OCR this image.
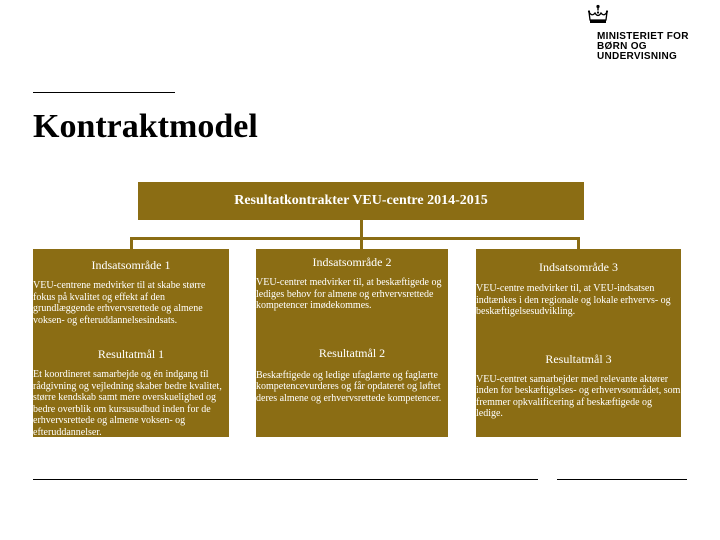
MINISTERIET FOR
BØRN OG
UNDERVISNING
Kontraktmodel
Resultatkontrakter VEU-centre 2014-2015
Indsatsområde 1

VEU-centrene medvirker til at skabe større fokus på kvalitet og effekt af den grundlæggende erhvervsrettede og almene voksen- og efteruddannelsesindsats.

Resultatmål 1

Et koordineret samarbejde og én indgang til rådgivning og vejledning skaber bedre kvalitet, større kendskab samt mere overskuelighed og bedre overblik om kursusudbud inden for de erhvervsrettede og almene voksen- og efteruddannelser.

Indsatsområde 2

VEU-centret medvirker til, at beskæftigede og lediges behov for almene og erhvervsrettede kompetencer imødekommes.

Resultatmål 2

Beskæftigede og ledige ufaglærte og faglærte kompetencevurderes og får opdateret og løftet deres almene og erhvervsrettede kompetencer.

Indsatsområde 3

VEU-centre medvirker til, at VEU-indsatsen indtænkes i den regionale og lokale erhvervs- og beskæftigelsesudvikling.

Resultatmål 3

VEU-centret samarbejder med relevante aktører inden for beskæftigelses- og erhvervsområdet, som fremmer opkvalificering af beskæftigede og ledige.
